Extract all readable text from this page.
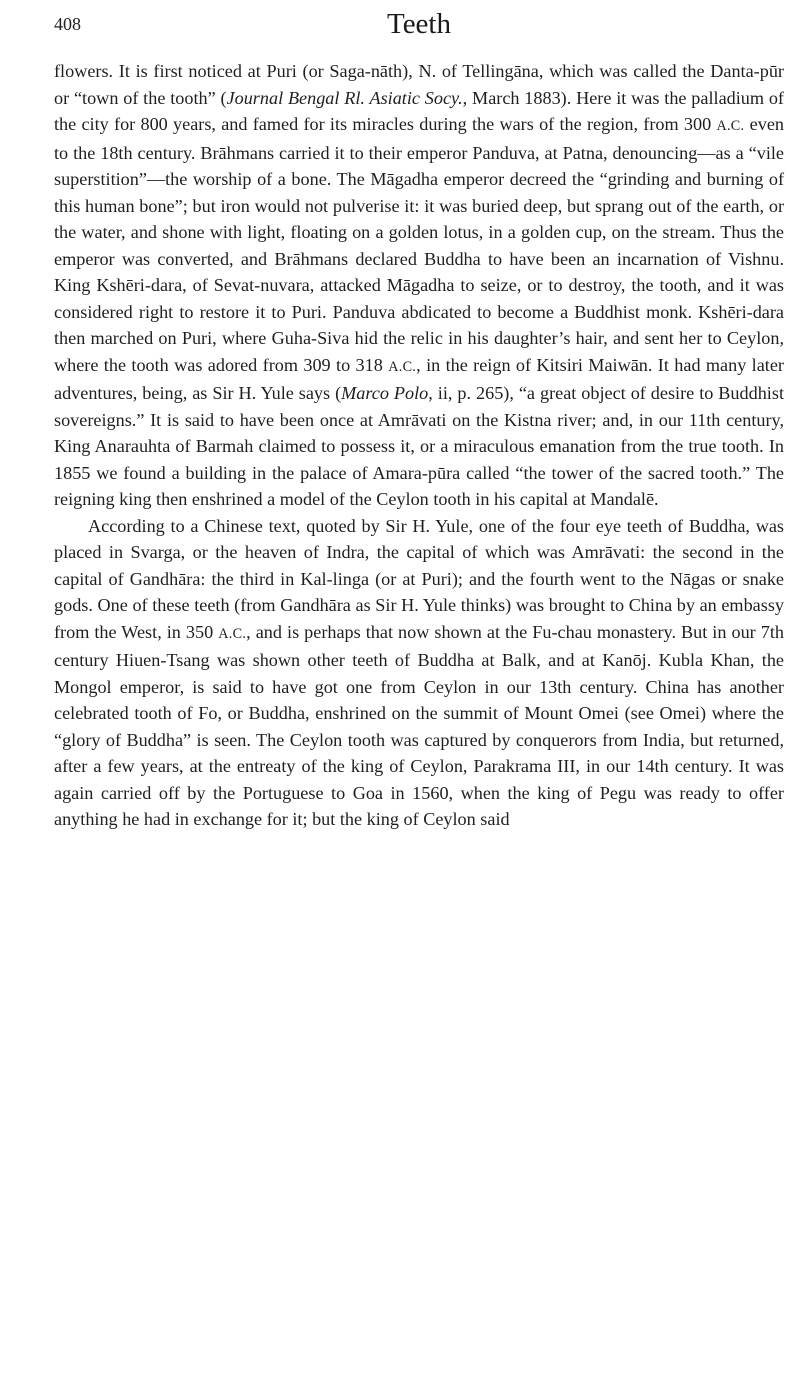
408	Teeth

flowers. It is first noticed at Puri (or Saga-nāth), N. of Tellingāna, which was called the Danta-pūr or “town of the tooth” (Journal Bengal Rl. Asiatic Socy., March 1883). Here it was the palladium of the city for 800 years, and famed for its miracles during the wars of the region, from 300 A.C. even to the 18th century. Brāhmans carried it to their emperor Panduva, at Patna, denouncing—as a “vile superstition”—the worship of a bone. The Māgadha emperor decreed the “grinding and burning of this human bone”; but iron would not pulverise it: it was buried deep, but sprang out of the earth, or the water, and shone with light, floating on a golden lotus, in a golden cup, on the stream. Thus the emperor was converted, and Brāhmans declared Buddha to have been an incarnation of Vishnu. King Kshēri-dara, of Sevat-nuvara, attacked Māgadha to seize, or to destroy, the tooth, and it was considered right to restore it to Puri. Panduva abdicated to become a Buddhist monk. Kshēri-dara then marched on Puri, where Guha-Siva hid the relic in his daughter’s hair, and sent her to Ceylon, where the tooth was adored from 309 to 318 A.C., in the reign of Kitsiri Maiwān. It had many later adventures, being, as Sir H. Yule says (Marco Polo, ii, p. 265), “a great object of desire to Buddhist sovereigns.” It is said to have been once at Amrāvati on the Kistna river; and, in our 11th century, King Anarauhta of Barmah claimed to possess it, or a miraculous emanation from the true tooth. In 1855 we found a building in the palace of Amara-pūra called “the tower of the sacred tooth.” The reigning king then enshrined a model of the Ceylon tooth in his capital at Mandalē.

According to a Chinese text, quoted by Sir H. Yule, one of the four eye teeth of Buddha, was placed in Svarga, or the heaven of Indra, the capital of which was Amrāvati: the second in the capital of Gandhāra: the third in Kal-linga (or at Puri); and the fourth went to the Nāgas or snake gods. One of these teeth (from Gandhāra as Sir H. Yule thinks) was brought to China by an embassy from the West, in 350 A.C., and is perhaps that now shown at the Fu-chau monastery. But in our 7th century Hiuen-Tsang was shown other teeth of Buddha at Balk, and at Kanōj. Kubla Khan, the Mongol emperor, is said to have got one from Ceylon in our 13th century. China has another celebrated tooth of Fo, or Buddha, enshrined on the summit of Mount Omei (see Omei) where the “glory of Buddha” is seen. The Ceylon tooth was captured by conquerors from India, but returned, after a few years, at the entreaty of the king of Ceylon, Parakrama III, in our 14th century. It was again carried off by the Portuguese to Goa in 1560, when the king of Pegu was ready to offer anything he had in exchange for it; but the king of Ceylon said
